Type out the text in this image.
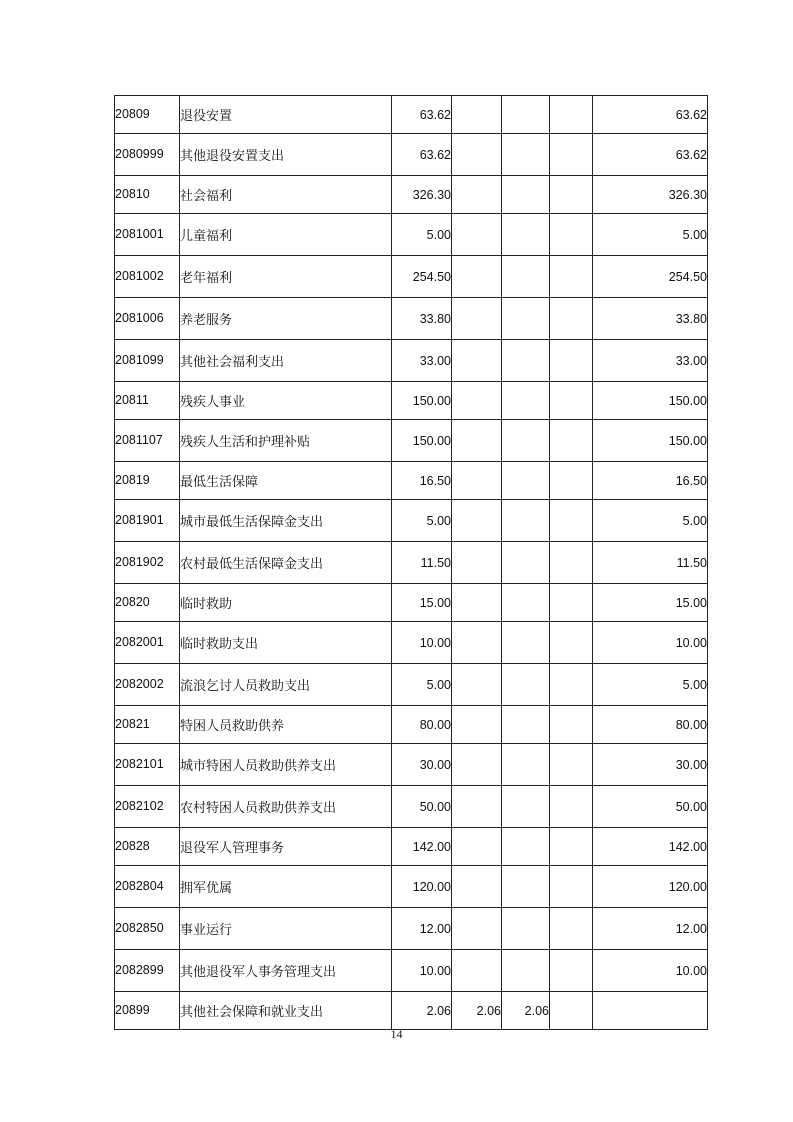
20809	退役安置	63.62				63.62
2080999	其他退役安置支出	63.62				63.62
20810	社会福利	326.30				326.30
2081001	儿童福利	5.00				5.00
2081002	老年福利	254.50				254.50
2081006	养老服务	33.80				33.80
2081099	其他社会福利支出	33.00				33.00
20811	残疾人事业	150.00				150.00
2081107	残疾人生活和护理补贴	150.00				150.00
20819	最低生活保障	16.50				16.50
2081901	城市最低生活保障金支出	5.00				5.00
2081902	农村最低生活保障金支出	11.50				11.50
20820	临时救助	15.00				15.00
2082001	临时救助支出	10.00				10.00
2082002	流浪乞讨人员救助支出	5.00				5.00
20821	特困人员救助供养	80.00				80.00
2082101	城市特困人员救助供养支出	30.00				30.00
2082102	农村特困人员救助供养支出	50.00				50.00
20828	退役军人管理事务	142.00				142.00
2082804	拥军优属	120.00				120.00
2082850	事业运行	12.00				12.00
2082899	其他退役军人事务管理支出	10.00				10.00
20899	其他社会保障和就业支出	2.06	2.06	2.06		
14
